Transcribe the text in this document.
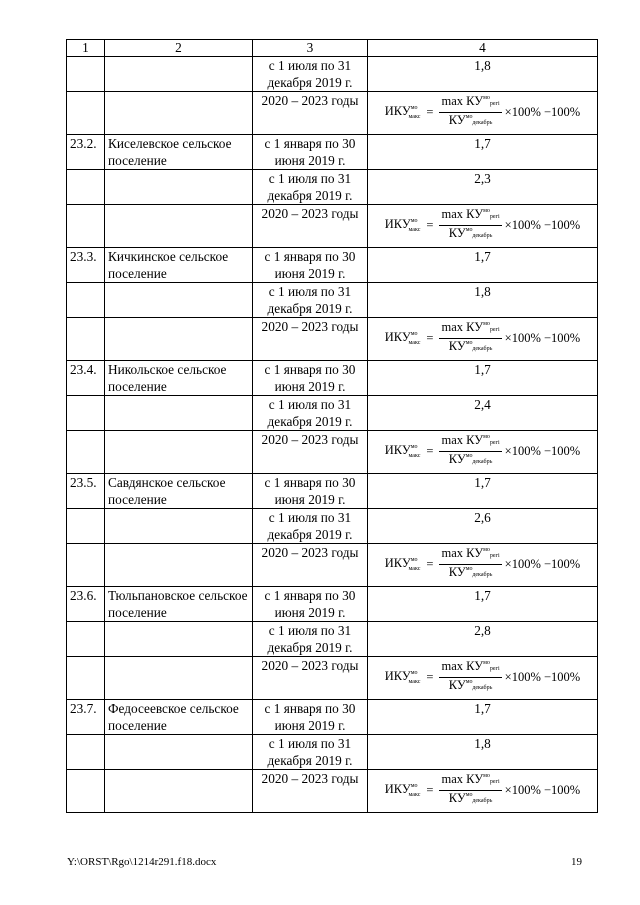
1	2	3	4
		с 1 июля по 31 декабря 2019 г.	1,8
		2020 – 2023 годы	$ИКУ^{мо}_{макс} = \frac{\max КУ^{мо}регі}{КУ^{мо}декабрь} \times 100\% -100\%$

23.2.	Киселевское сельское поселение	с 1 января по 30 июня 2019 г.	1,7
		с 1 июля по 31 декабря 2019 г.	2,3
		2020 – 2023 годы	$ИКУ^{мо}_{макс} = \frac{\max КУ^{мо}регі}{КУ^{мо}декабрь} \times 100\% -100\%$

23.3.	Кичкинское сельское поселение	с 1 января по 30 июня 2019 г.	1,7
		с 1 июля по 31 декабря 2019 г.	1,8
		2020 – 2023 годы	$ИКУ^{мо}_{макс} = \frac{\max КУ^{мо}регі}{КУ^{мо}декабрь} \times 100\% -100\%$

23.4.	Никольское сельское поселение	с 1 января по 30 июня 2019 г.	1,7
		с 1 июля по 31 декабря 2019 г.	2,4
		2020 – 2023 годы	$ИКУ^{мо}_{макс} = \frac{\max КУ^{мо}регі}{КУ^{мо}декабрь} \times 100\% -100\%$

23.5.	Савдянское сельское поселение	с 1 января по 30 июня 2019 г.	1,7
		с 1 июля по 31 декабря 2019 г.	2,6
		2020 – 2023 годы	$ИКУ^{мо}_{макс} = \frac{\max КУ^{мо}регі}{КУ^{мо}декабрь} \times 100\% -100\%$

23.6.	Тюльпановское сельское поселение	с 1 января по 30 июня 2019 г.	1,7
		с 1 июля по 31 декабря 2019 г.	2,8
		2020 – 2023 годы	$ИКУ^{мо}_{макс} = \frac{\max КУ^{мо}регі}{КУ^{мо}декабрь} \times 100\% -100\%$

23.7.	Федосеевское сельское поселение	с 1 января по 30 июня 2019 г.	1,7
		с 1 июля по 31 декабря 2019 г.	1,8
		2020 – 2023 годы	$ИКУ^{мо}_{макс} = \frac{\max КУ^{мо}регі}{КУ^{мо}декабрь} \times 100\% -100\%$
Y:\ORST\Rgo\1214r291.f18.docx	19
